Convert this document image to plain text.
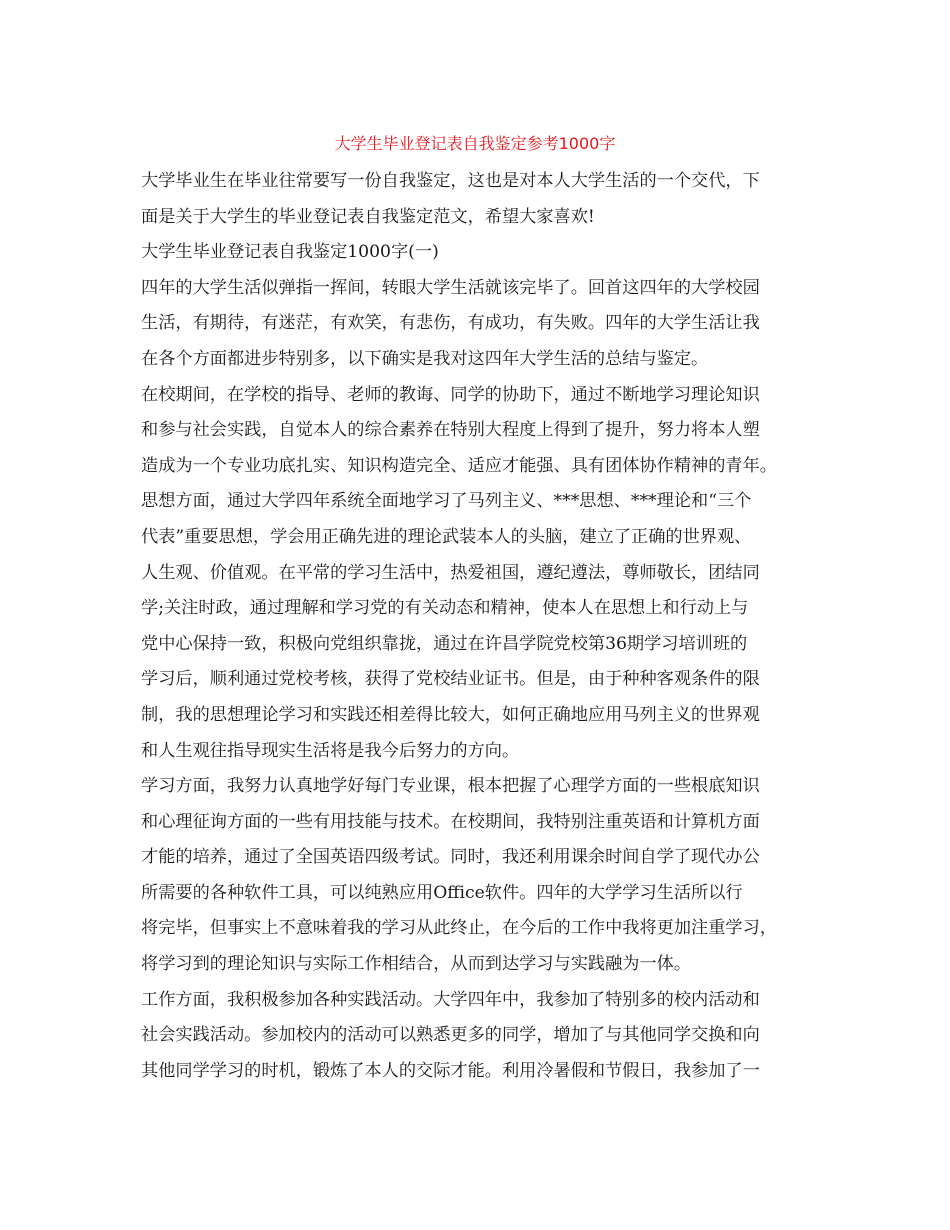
大学生毕业登记表自我鉴定参考1000字
大学毕业生在毕业往常要写一份自我鉴定，这也是对本人大学生活的一个交代，下
面是关于大学生的毕业登记表自我鉴定范文，希望大家喜欢!
大学生毕业登记表自我鉴定1000字(一)
四年的大学生活似弹指一挥间，转眼大学生活就该完毕了。回首这四年的大学校园
生活，有期待，有迷茫，有欢笑，有悲伤，有成功，有失败。四年的大学生活让我
在各个方面都进步特别多，以下确实是我对这四年大学生活的总结与鉴定。
在校期间，在学校的指导、老师的教诲、同学的协助下，通过不断地学习理论知识
和参与社会实践，自觉本人的综合素养在特别大程度上得到了提升，努力将本人塑
造成为一个专业功底扎实、知识构造完全、适应才能强、具有团体协作精神的青年。
思想方面，通过大学四年系统全面地学习了马列主义、***思想、***理论和“三个
代表”重要思想，学会用正确先进的理论武装本人的头脑，建立了正确的世界观、
人生观、价值观。在平常的学习生活中，热爱祖国，遵纪遵法，尊师敬长，团结同
学;关注时政，通过理解和学习党的有关动态和精神，使本人在思想上和行动上与
党中心保持一致，积极向党组织靠拢，通过在许昌学院党校第36期学习培训班的
学习后，顺利通过党校考核，获得了党校结业证书。但是，由于种种客观条件的限
制，我的思想理论学习和实践还相差得比较大，如何正确地应用马列主义的世界观
和人生观往指导现实生活将是我今后努力的方向。
学习方面，我努力认真地学好每门专业课，根本把握了心理学方面的一些根底知识
和心理征询方面的一些有用技能与技术。在校期间，我特别注重英语和计算机方面
才能的培养，通过了全国英语四级考试。同时，我还利用课余时间自学了现代办公
所需要的各种软件工具，可以纯熟应用Office软件。四年的大学学习生活所以行
将完毕，但事实上不意味着我的学习从此终止，在今后的工作中我将更加注重学习，
将学习到的理论知识与实际工作相结合，从而到达学习与实践融为一体。
工作方面，我积极参加各种实践活动。大学四年中，我参加了特别多的校内活动和
社会实践活动。参加校内的活动可以熟悉更多的同学，增加了与其他同学交换和向
其他同学学习的时机，锻炼了本人的交际才能。利用冷暑假和节假日，我参加了一
